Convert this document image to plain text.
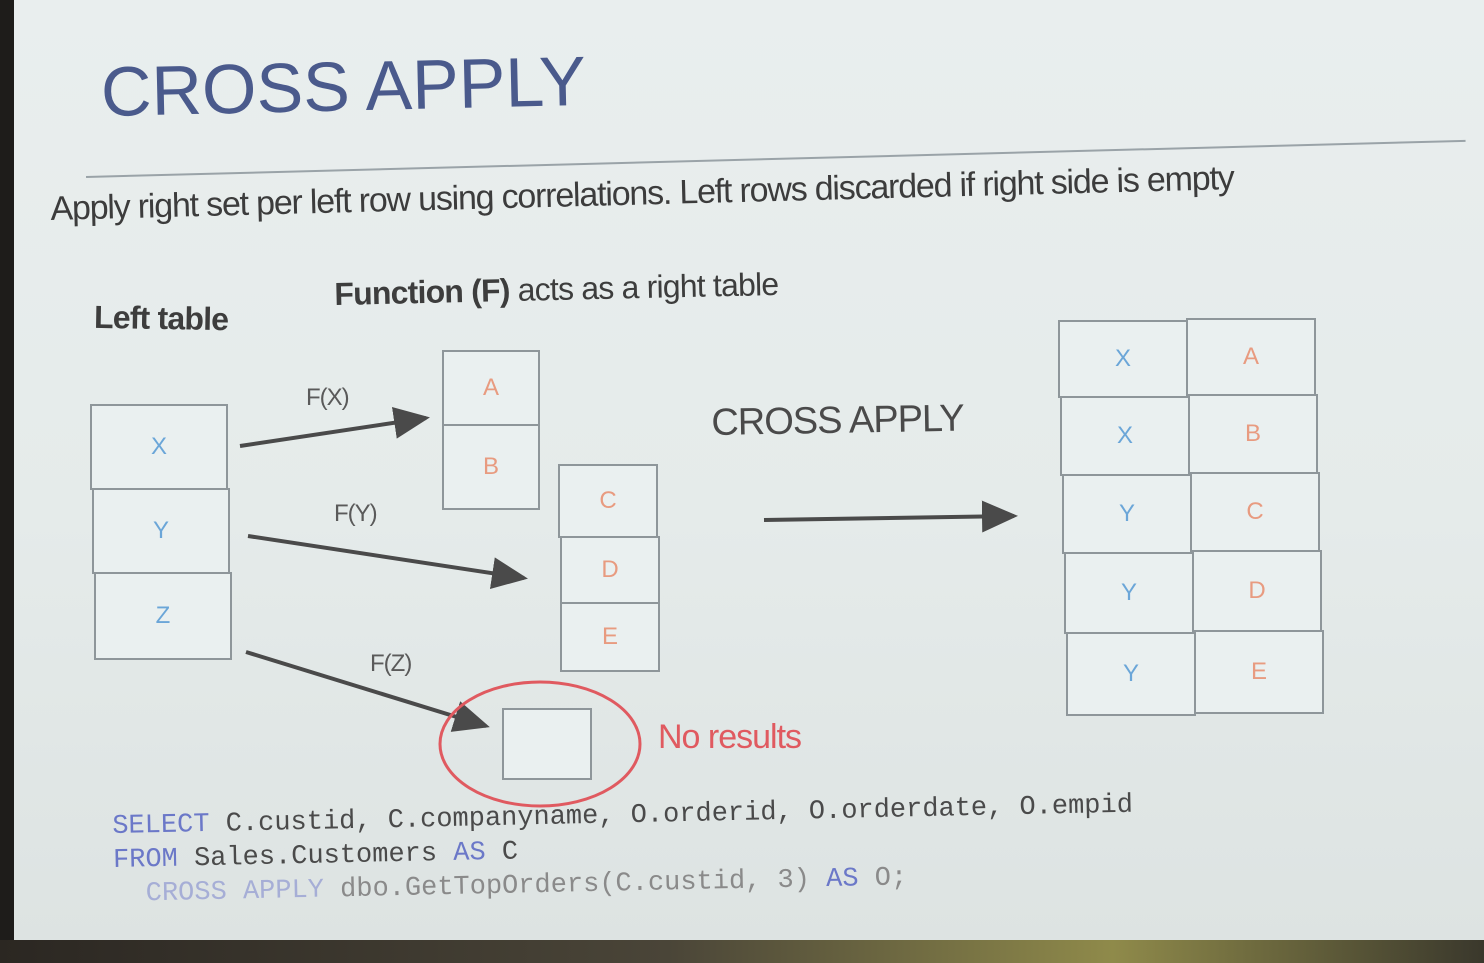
CROSS APPLY
Apply right set per left row using correlations. Left rows discarded if right side is empty
Left table
Function (F) acts as a right table
X
Y
Z
A
B
C
D
E
F(X)
F(Y)
F(Z)
CROSS APPLY
No results
X	A
X	B
Y	C
Y	D
Y	E
SELECT C.custid, C.companyname, O.orderid, O.orderdate, O.empid
FROM Sales.Customers AS C
CROSS APPLY dbo.GetTopOrders(C.custid, 3) AS O;
